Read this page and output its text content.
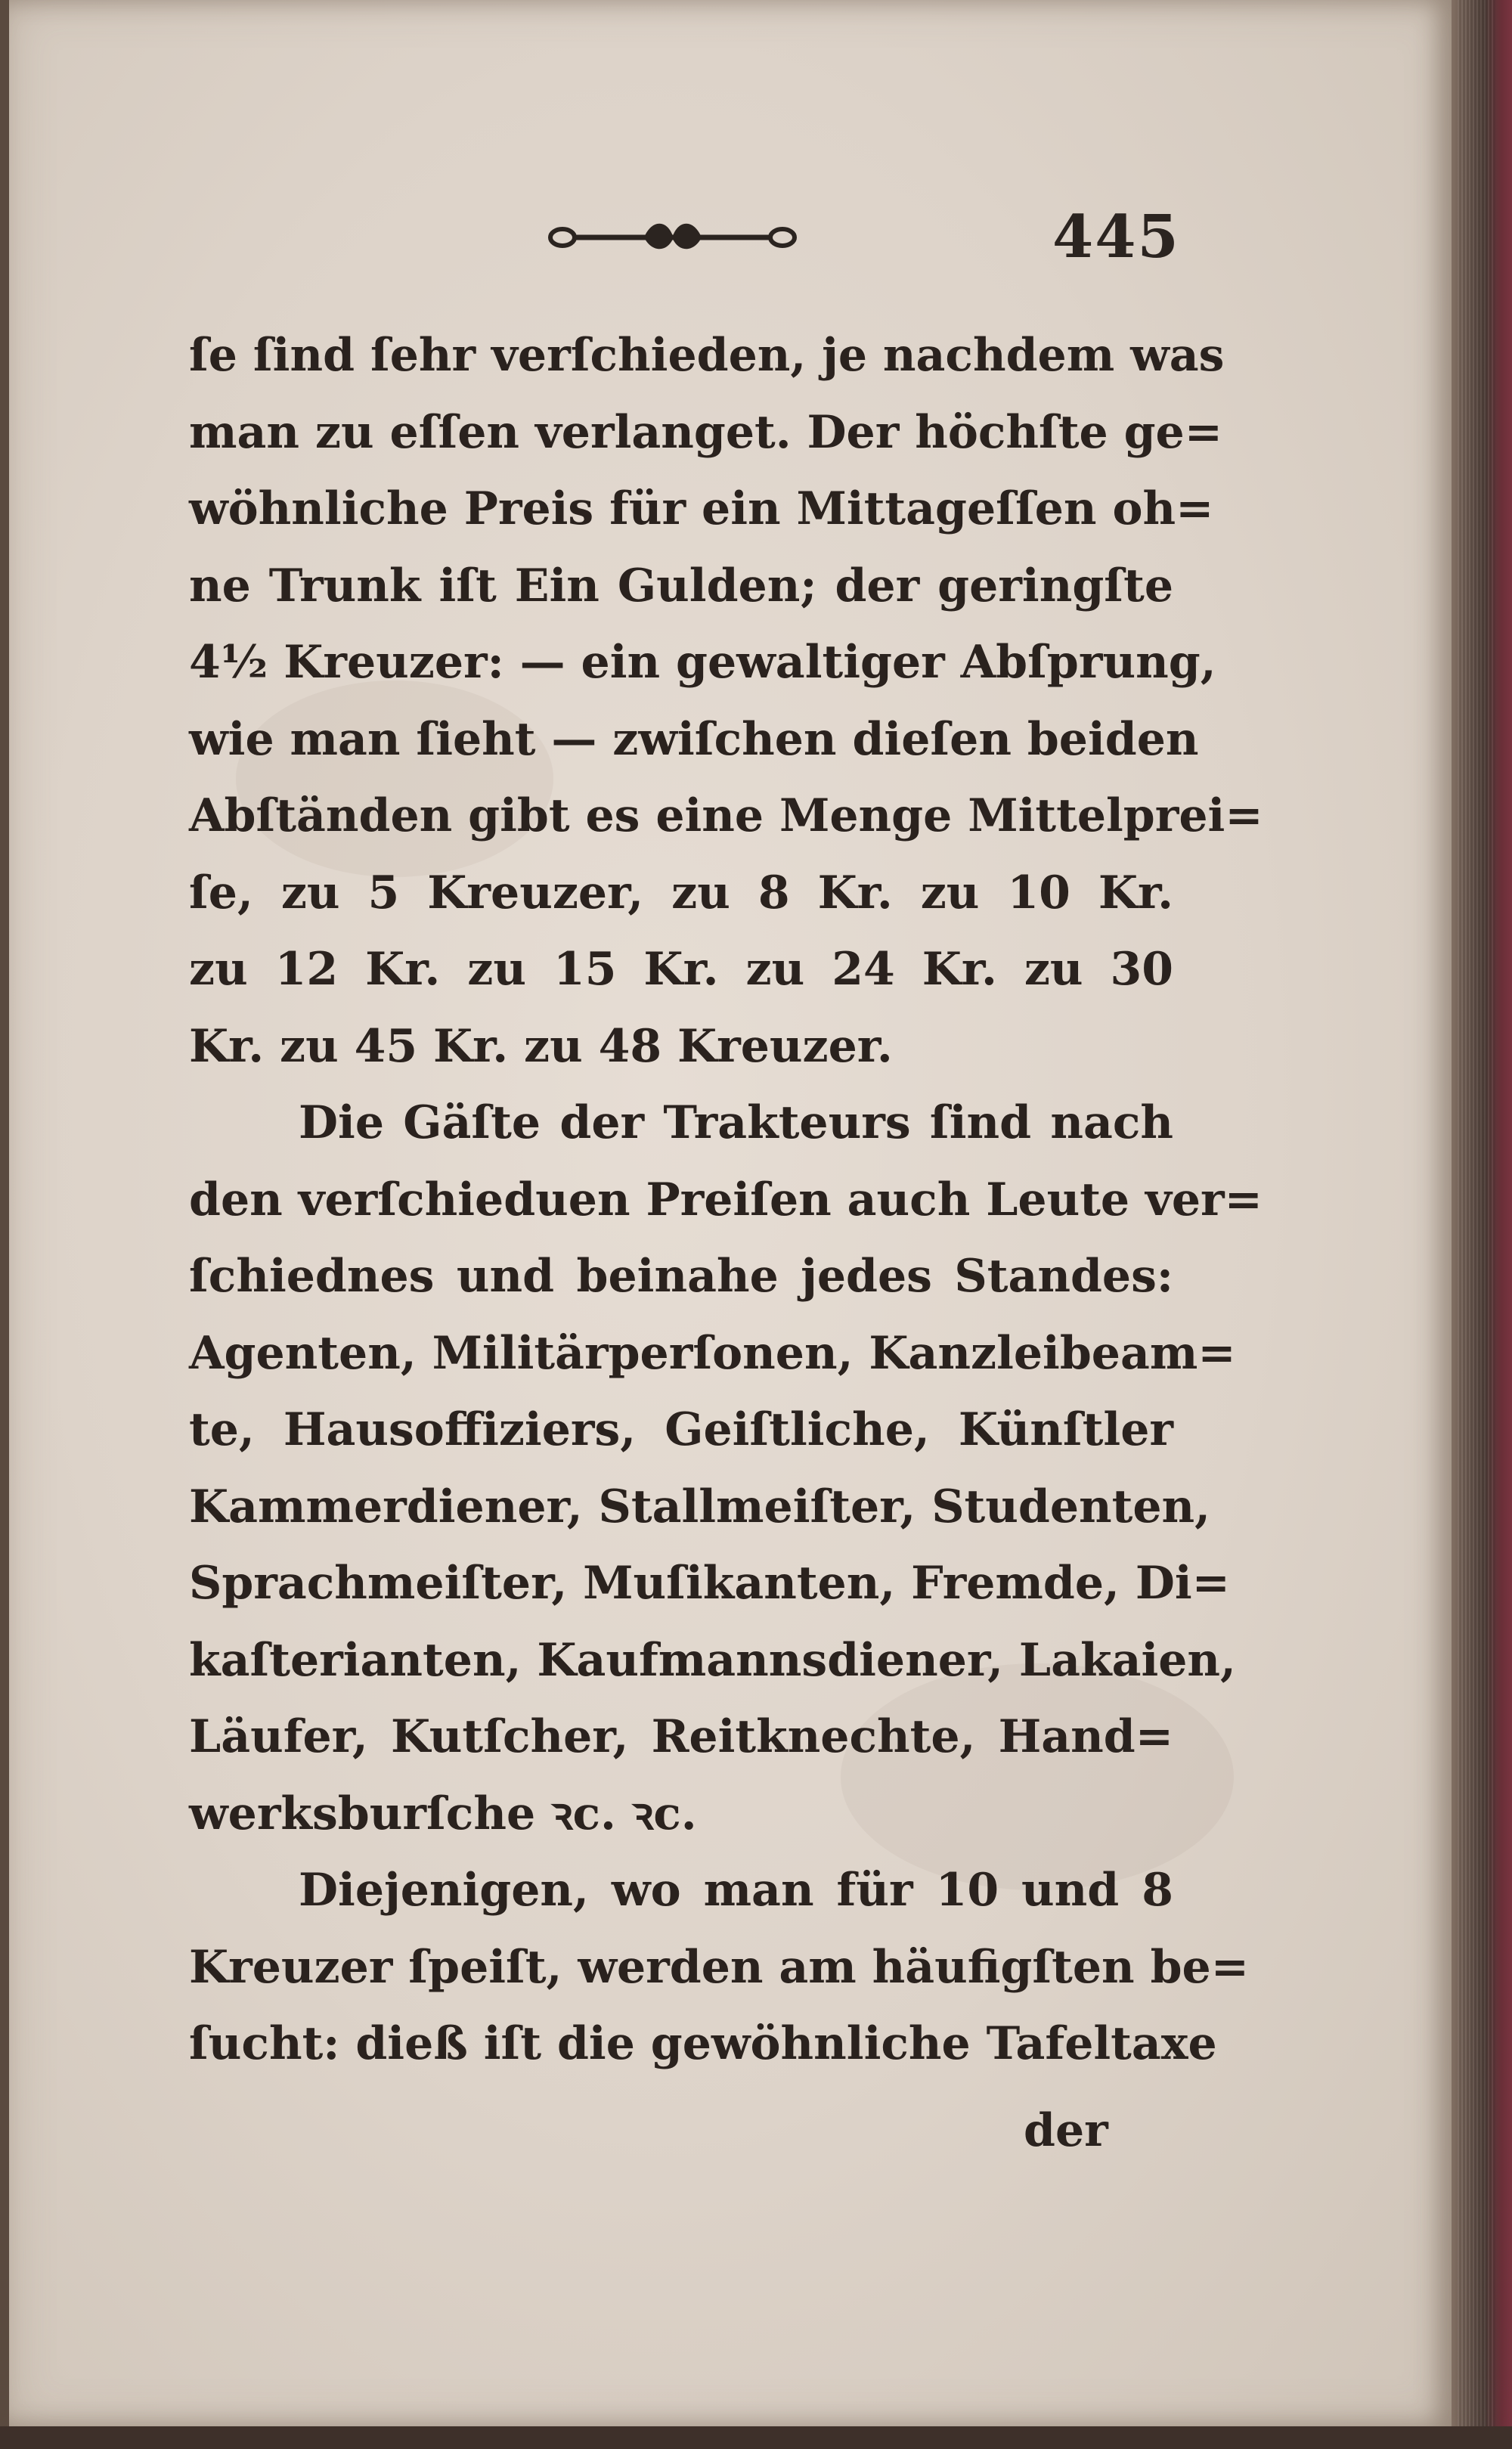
445
ſe ſind ſehr verſchieden, je nachdem was
man zu eſſen verlanget. Der höchſte ge=
wöhnliche Preis für ein Mittageſſen oh=
ne Trunk iſt Ein Gulden; der geringſte
4½ Kreuzer: — ein gewaltiger Abſprung,
wie man ſieht — zwiſchen dieſen beiden
Abſtänden gibt es eine Menge Mittelprei=
ſe, zu 5 Kreuzer, zu 8 Kr. zu 10 Kr.
zu 12 Kr. zu 15 Kr. zu 24 Kr. zu 30
Kr. zu 45 Kr. zu 48 Kreuzer.
Die Gäſte der Trakteurs ſind nach
den verſchieduen Preiſen auch Leute ver=
ſchiednes und beinahe jedes Standes:
Agenten, Militärperſonen, Kanzleibeam=
te, Hausoffiziers, Geiſtliche, Künſtler
Kammerdiener, Stallmeiſter, Studenten,
Sprachmeiſter, Muſikanten, Fremde, Di=
kaſterianten, Kaufmannsdiener, Lakaien,
Läufer, Kutſcher, Reitknechte, Hand=
werksburſche ꝛc. ꝛc.
Diejenigen, wo man für 10 und 8
Kreuzer ſpeiſt, werden am häufigſten be=
ſucht: dieß iſt die gewöhnliche Tafeltaxe
der
